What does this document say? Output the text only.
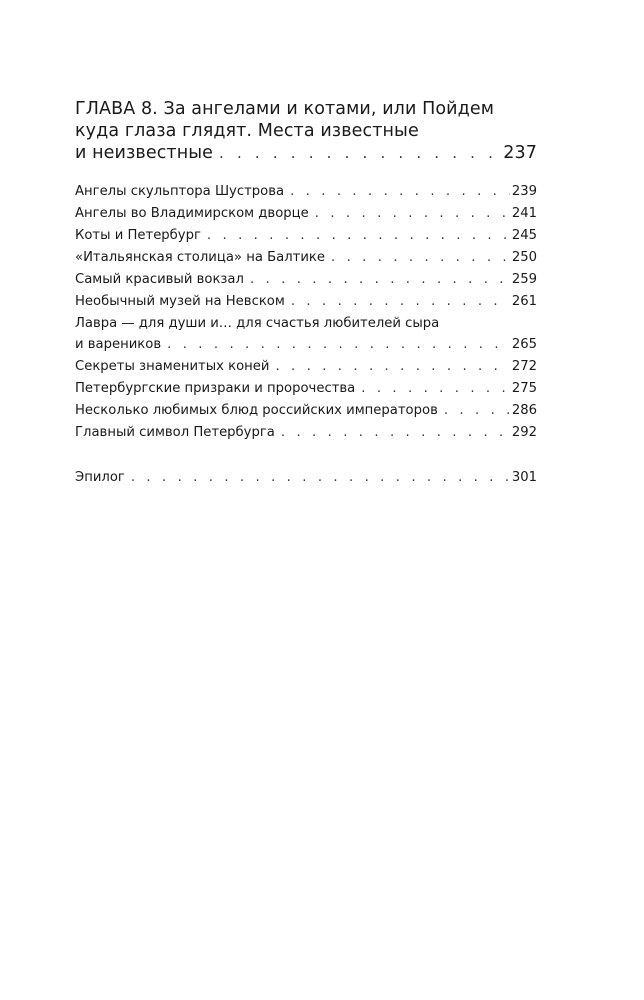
ГЛАВА 8. За ангелами и котами, или Пойдем
куда глаза глядят. Места известные
и неизвестные . . .	237
Ангелы скульптора Шустрова . . .	239
Ангелы во Владимирском дворце . . .	241
Коты и Петербург . . .	245
«Итальянская столица» на Балтике . . .	250
Самый красивый вокзал . . .	259
Необычный музей на Невском . . .	261
Лавра — для души и… для счастья любителей сыра
и вареников . . .	265
Секреты знаменитых коней . . .	272
Петербургские призраки и пророчества . . .	275
Несколько любимых блюд российских императоров . . .	286
Главный символ Петербурга . . .	292
Эпилог . . .	301
